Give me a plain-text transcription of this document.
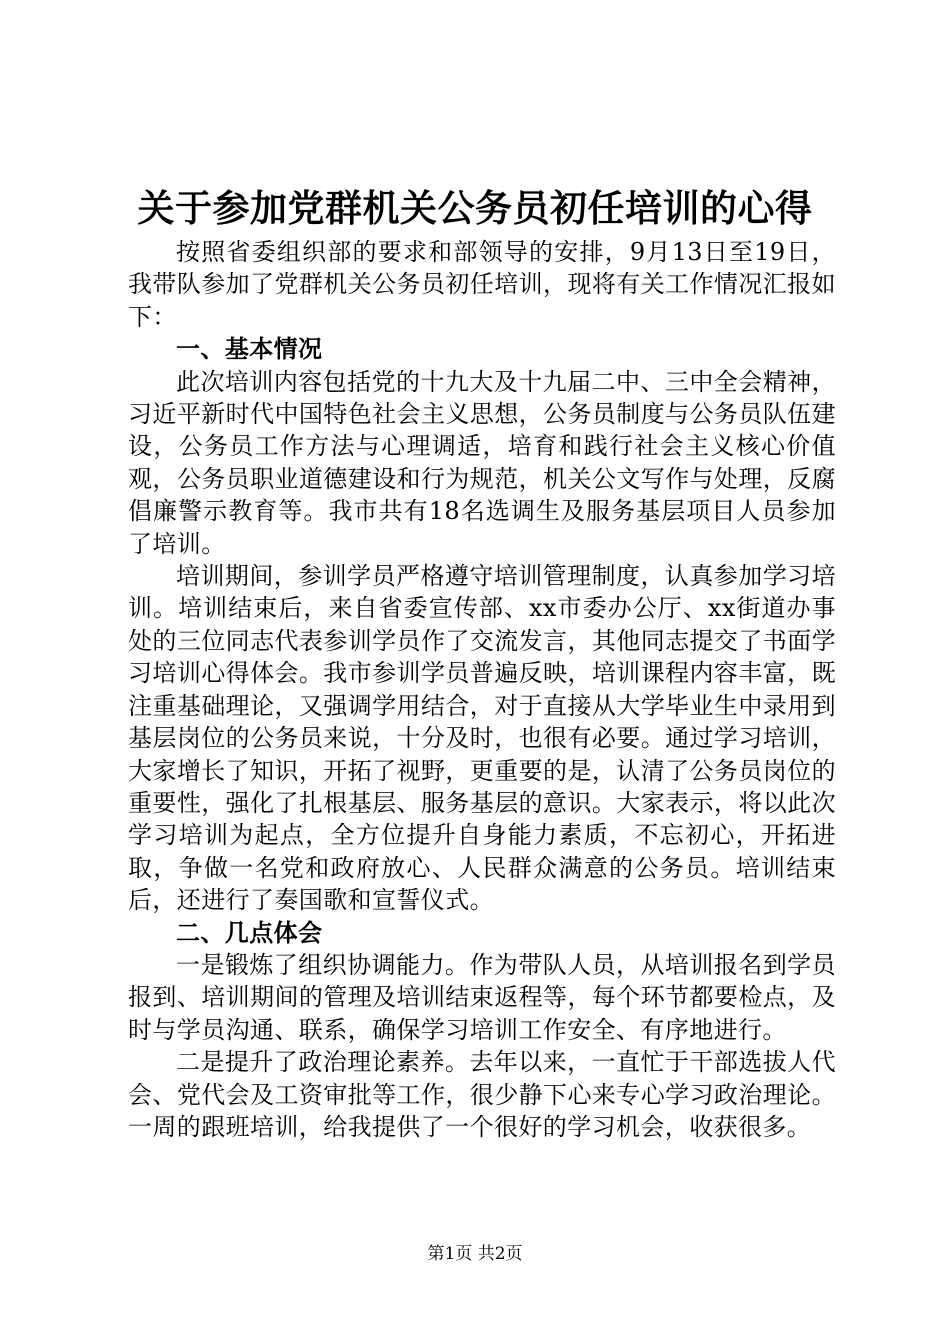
关于参加党群机关公务员初任培训的心得

按照省委组织部的要求和部领导的安排，9月13日至19日，我带队参加了党群机关公务员初任培训，现将有关工作情况汇报如下：

一、基本情况

此次培训内容包括党的十九大及十九届二中、三中全会精神，习近平新时代中国特色社会主义思想，公务员制度与公务员队伍建设，公务员工作方法与心理调适，培育和践行社会主义核心价值观，公务员职业道德建设和行为规范，机关公文写作与处理，反腐倡廉警示教育等。我市共有18名选调生及服务基层项目人员参加了培训。

培训期间，参训学员严格遵守培训管理制度，认真参加学习培训。培训结束后，来自省委宣传部、xx市委办公厅、xx街道办事处的三位同志代表参训学员作了交流发言，其他同志提交了书面学习培训心得体会。我市参训学员普遍反映，培训课程内容丰富，既注重基础理论，又强调学用结合，对于直接从大学毕业生中录用到基层岗位的公务员来说，十分及时，也很有必要。通过学习培训，大家增长了知识，开拓了视野，更重要的是，认清了公务员岗位的重要性，强化了扎根基层、服务基层的意识。大家表示，将以此次学习培训为起点，全方位提升自身能力素质，不忘初心，开拓进取，争做一名党和政府放心、人民群众满意的公务员。培训结束后，还进行了奏国歌和宣誓仪式。

二、几点体会

一是锻炼了组织协调能力。作为带队人员，从培训报名到学员报到、培训期间的管理及培训结束返程等，每个环节都要检点，及时与学员沟通、联系，确保学习培训工作安全、有序地进行。

二是提升了政治理论素养。去年以来，一直忙于干部选拔人代会、党代会及工资审批等工作，很少静下心来专心学习政治理论。一周的跟班培训，给我提供了一个很好的学习机会，收获很多。

第1页 共2页
